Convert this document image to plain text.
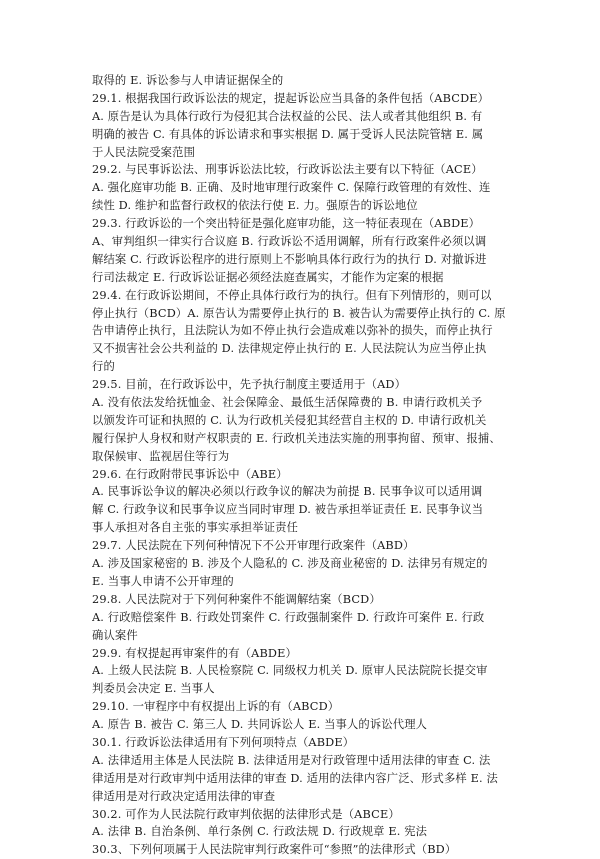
取得的 E. 诉讼参与人申请证据保全的
29.1. 根据我国行政诉讼法的规定，提起诉讼应当具备的条件包括（ABCDE）
A. 原告是认为具体行政行为侵犯其合法权益的公民、法人或者其他组织 B. 有
明确的被告 C. 有具体的诉讼请求和事实根据 D. 属于受诉人民法院管辖 E. 属
于人民法院受案范围
29.2. 与民事诉讼法、刑事诉讼法比较，行政诉讼法主要有以下特征（ACE）
A. 强化庭审功能 B. 正确、及时地审理行政案件 C. 保障行政管理的有效性、连
续性 D. 维护和监督行政权的依法行使 E. 力。强原告的诉讼地位
29.3. 行政诉讼的一个突出特征是强化庭审功能，这一特征表现在（ABDE）
A、审判组织一律实行合议庭 B. 行政诉讼不适用调解，所有行政案件必须以调
解结案 C. 行政诉讼程序的进行原则上不影响具体行政行为的执行 D. 对撤诉进
行司法裁定 E. 行政诉讼证据必须经法庭查属实，才能作为定案的根据
29.4. 在行政诉讼期间，不停止具体行政行为的执行。但有下列情形的，则可以
停止执行（BCD）A. 原告认为需要停止执行的 B. 被告认为需要停止执行的 C. 原
告申请停止执行，且法院认为如不停止执行会造成难以弥补的损失，而停止执行
又不损害社会公共利益的 D. 法律规定停止执行的 E. 人民法院认为应当停止执
行的
29.5. 目前，在行政诉讼中，先予执行制度主要适用于（AD）
A. 没有依法发给抚恤金、社会保障金、最低生活保障费的 B. 申请行政机关予
以颁发许可证和执照的 C. 认为行政机关侵犯其经营自主权的 D. 申请行政机关
履行保护人身权和财产权职责的 E. 行政机关违法实施的刑事拘留、预审、报捕、
取保候审、监视居住等行为
29.6. 在行政附带民事诉讼中（ABE）
A. 民事诉讼争议的解决必须以行政争议的解决为前提 B. 民事争议可以适用调
解 C. 行政争议和民事争议应当同时审理 D. 被告承担举证责任 E. 民事争议当
事人承担对各自主张的事实承担举证责任
29.7. 人民法院在下列何种情况下不公开审理行政案件（ABD）
A. 涉及国家秘密的 B. 涉及个人隐私的 C. 涉及商业秘密的 D. 法律另有规定的
E. 当事人申请不公开审理的
29.8. 人民法院对于下列何种案件不能调解结案（BCD）
A. 行政赔偿案件 B. 行政处罚案件 C. 行政强制案件 D. 行政许可案件 E. 行政
确认案件
29.9. 有权提起再审案件的有（ABDE）
A. 上级人民法院 B. 人民检察院 C. 同级权力机关 D. 原审人民法院院长提交审
判委员会决定 E. 当事人
29.10. 一审程序中有权提出上诉的有（ABCD）
A. 原告 B. 被告 C. 第三人 D. 共同诉讼人 E. 当事人的诉讼代理人
30.1. 行政诉讼法律适用有下列何项特点（ABDE）
A. 法律适用主体是人民法院 B. 法律适用是对行政管理中适用法律的审查 C. 法
律适用是对行政审判中适用法律的审查 D. 适用的法律内容广泛、形式多样 E. 法
律适用是对行政决定适用法律的审查
30.2. 可作为人民法院行政审判依据的法律形式是（ABCE）
A. 法律 B. 自治条例、单行条例 C. 行政法规 D. 行政规章 E. 宪法
30.3、下列何项属于人民法院审判行政案件可“参照”的法律形式（BD）
